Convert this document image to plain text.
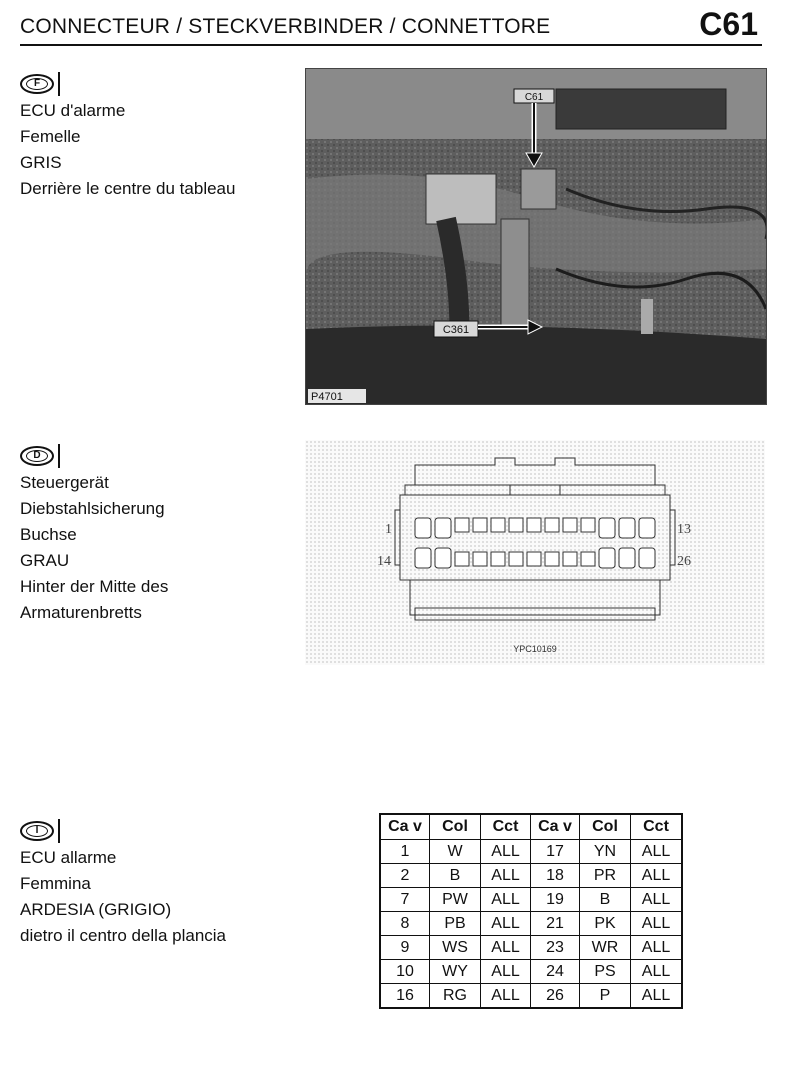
CONNECTEUR / STECKVERBINDER / CONNETTORE	C61
F
ECU d'alarme
Femelle
GRIS
Derrière le centre du tableau
D
Steuergerät
Diebstahlsicherung
Buchse
GRAU
Hinter der Mitte des
Armaturenbretts
I
ECU allarme
Femmina
ARDESIA (GRIGIO)
dietro il centro della plancia
C61
C361
P4701
1	13
14	26
YPC10169
Ca v	Col	Cct	Ca v	Col	Cct
1	W	ALL	17	YN	ALL
2	B	ALL	18	PR	ALL
7	PW	ALL	19	B	ALL
8	PB	ALL	21	PK	ALL
9	WS	ALL	23	WR	ALL
10	WY	ALL	24	PS	ALL
16	RG	ALL	26	P	ALL
